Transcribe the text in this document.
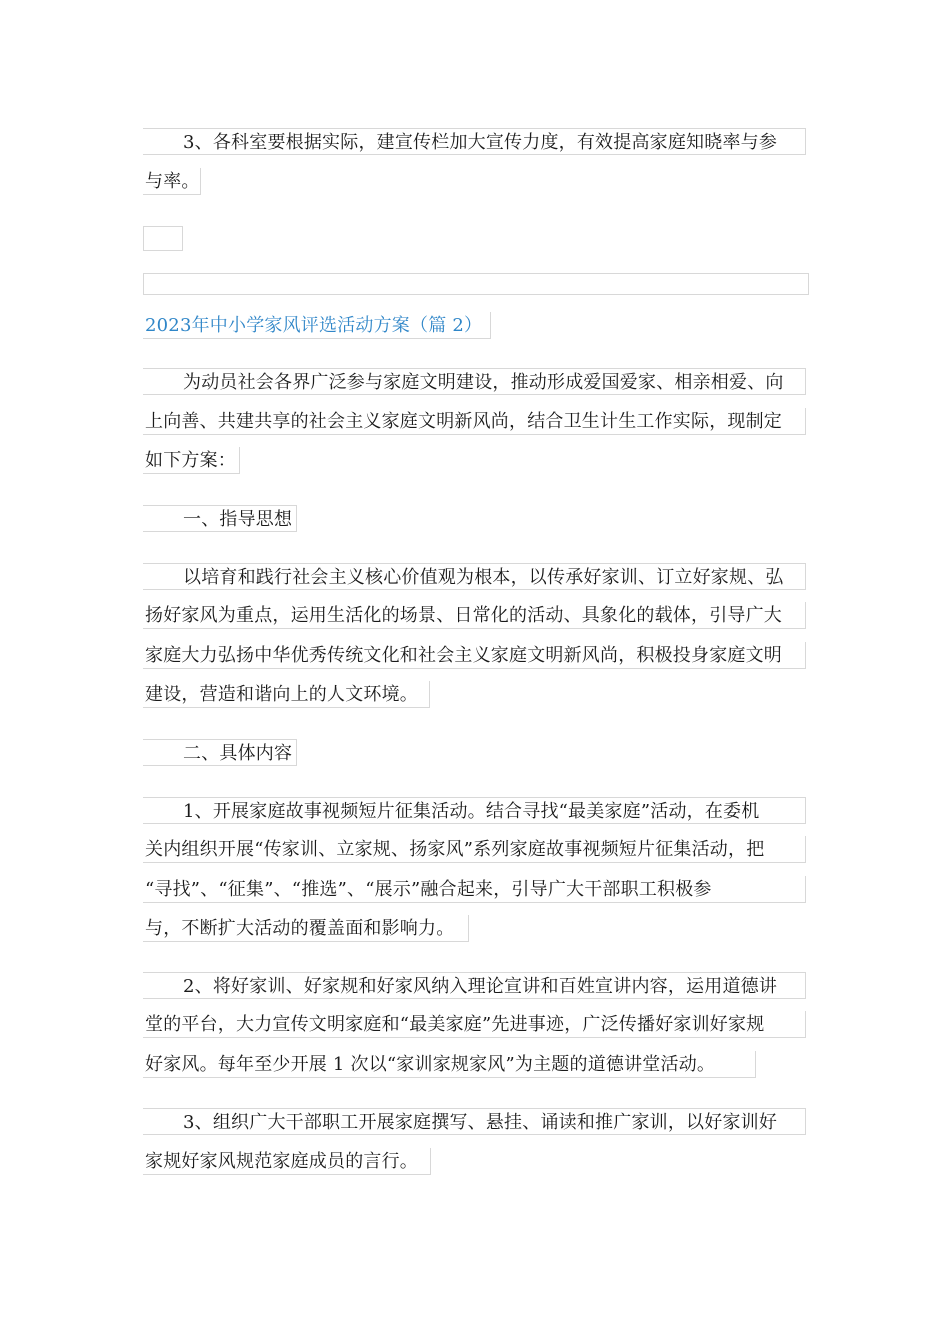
3、各科室要根据实际，建宣传栏加大宣传力度，有效提高家庭知晓率与参
与率。
2023年中小学家风评选活动方案（篇 2）
为动员社会各界广泛参与家庭文明建设，推动形成爱国爱家、相亲相爱、向
上向善、共建共享的社会主义家庭文明新风尚，结合卫生计生工作实际，现制定
如下方案：
一、指导思想
以培育和践行社会主义核心价值观为根本，以传承好家训、订立好家规、弘
扬好家风为重点，运用生活化的场景、日常化的活动、具象化的载体，引导广大
家庭大力弘扬中华优秀传统文化和社会主义家庭文明新风尚，积极投身家庭文明
建设，营造和谐向上的人文环境。
二、具体内容
1、开展家庭故事视频短片征集活动。结合寻找“最美家庭”活动，在委机
关内组织开展“传家训、立家规、扬家风”系列家庭故事视频短片征集活动，把
“寻找”、“征集”、“推选”、“展示”融合起来，引导广大干部职工积极参
与，不断扩大活动的覆盖面和影响力。
2、将好家训、好家规和好家风纳入理论宣讲和百姓宣讲内容，运用道德讲
堂的平台，大力宣传文明家庭和“最美家庭”先进事迹，广泛传播好家训好家规
好家风。每年至少开展 1 次以“家训家规家风”为主题的道德讲堂活动。
3、组织广大干部职工开展家庭撰写、悬挂、诵读和推广家训，以好家训好
家规好家风规范家庭成员的言行。
